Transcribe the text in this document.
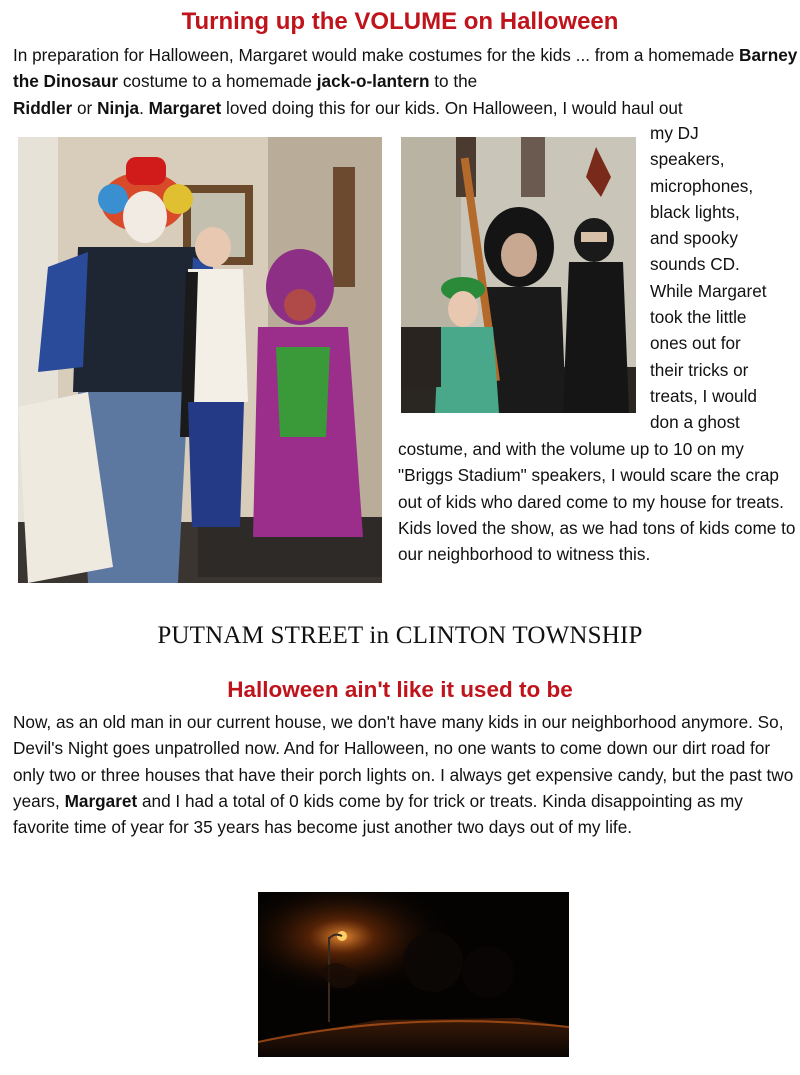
Turning up the VOLUME on Halloween

In preparation for Halloween, Margaret would make costumes for the kids ... from a homemade Barney the Dinosaur costume to a homemade jack-o-lantern to the
Riddler or Ninja. Margaret loved doing this for our kids. On Halloween, I would haul out

my DJ
speakers,
microphones,
black lights,
and spooky
sounds CD.
While Margaret
took the little
ones out for
their tricks or
treats, I would
don a ghost

costume, and with the volume up to 10 on my "Briggs Stadium" speakers, I would scare the crap out of kids who dared come to my house for treats. Kids loved the show, as we had tons of kids come to our neighborhood to witness this.

PUTNAM STREET in CLINTON TOWNSHIP
Halloween ain't like it used to be

Now, as an old man in our current house, we don't have many kids in our neighborhood anymore. So, Devil's Night goes unpatrolled now. And for Halloween, no one wants to come down our dirt road for only two or three houses that have their porch lights on. I always get expensive candy, but the past two years, Margaret and I had a total of 0 kids come by for trick or treats. Kinda disappointing as my favorite time of year for 35 years has become just another two days out of my life.
